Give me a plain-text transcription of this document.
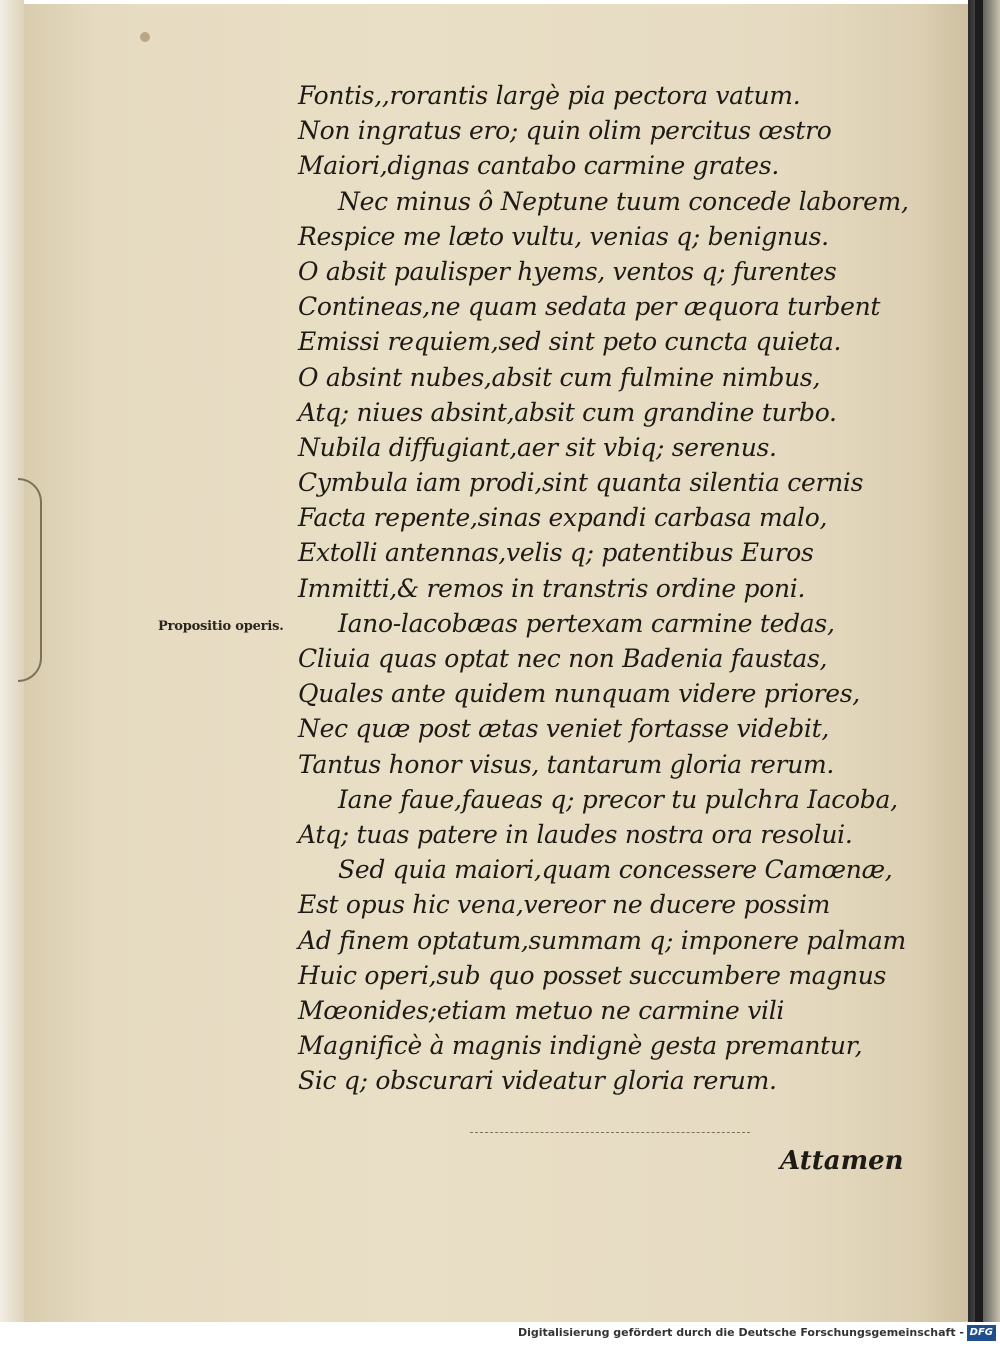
Fontis,,rorantis largè pia pectora vatum.
Non ingratus ero; quin olim percitus œstro
Maiori,dignas cantabo carmine grates.
Nec minus ô Neptune tuum concede laborem,
Respice me læto vultu, venias q; benignus.
O absit paulisper hyems, ventos q; furentes
Contineas,ne quam sedata per æquora turbent
Emissi requiem,sed sint peto cuncta quieta.
O absint nubes,absit cum fulmine nimbus,
Atq; niues absint,absit cum grandine turbo.
Nubila diffugiant,aer sit vbiq; serenus.
Cymbula iam prodi,sint quanta silentia cernis
Facta repente,sinas expandi carbasa malo,
Extolli antennas,velis q; patentibus Euros
Immitti,& remos in transtris ordine poni.
Iano-lacobæas pertexam carmine tedas,
Cliuia quas optat nec non Badenia faustas,
Quales ante quidem nunquam videre priores,
Nec quæ post ætas veniet fortasse videbit,
Tantus honor visus, tantarum gloria rerum.
Iane faue,faueas q; precor tu pulchra Iacoba,
Atq; tuas patere in laudes nostra ora resolui.
Sed quia maiori,quam concessere Camœnæ,
Est opus hic vena,vereor ne ducere possim
Ad finem optatum,summam q; imponere palmam
Huic operi,sub quo posset succumbere magnus
Mœonides;etiam metuo ne carmine vili
Magnificè à magnis indignè gesta premantur,
Sic q; obscurari videatur gloria rerum.
Propositio operis.
Attamen
Digitalisierung gefördert durch die Deutsche Forschungsgemeinschaft - DFG
